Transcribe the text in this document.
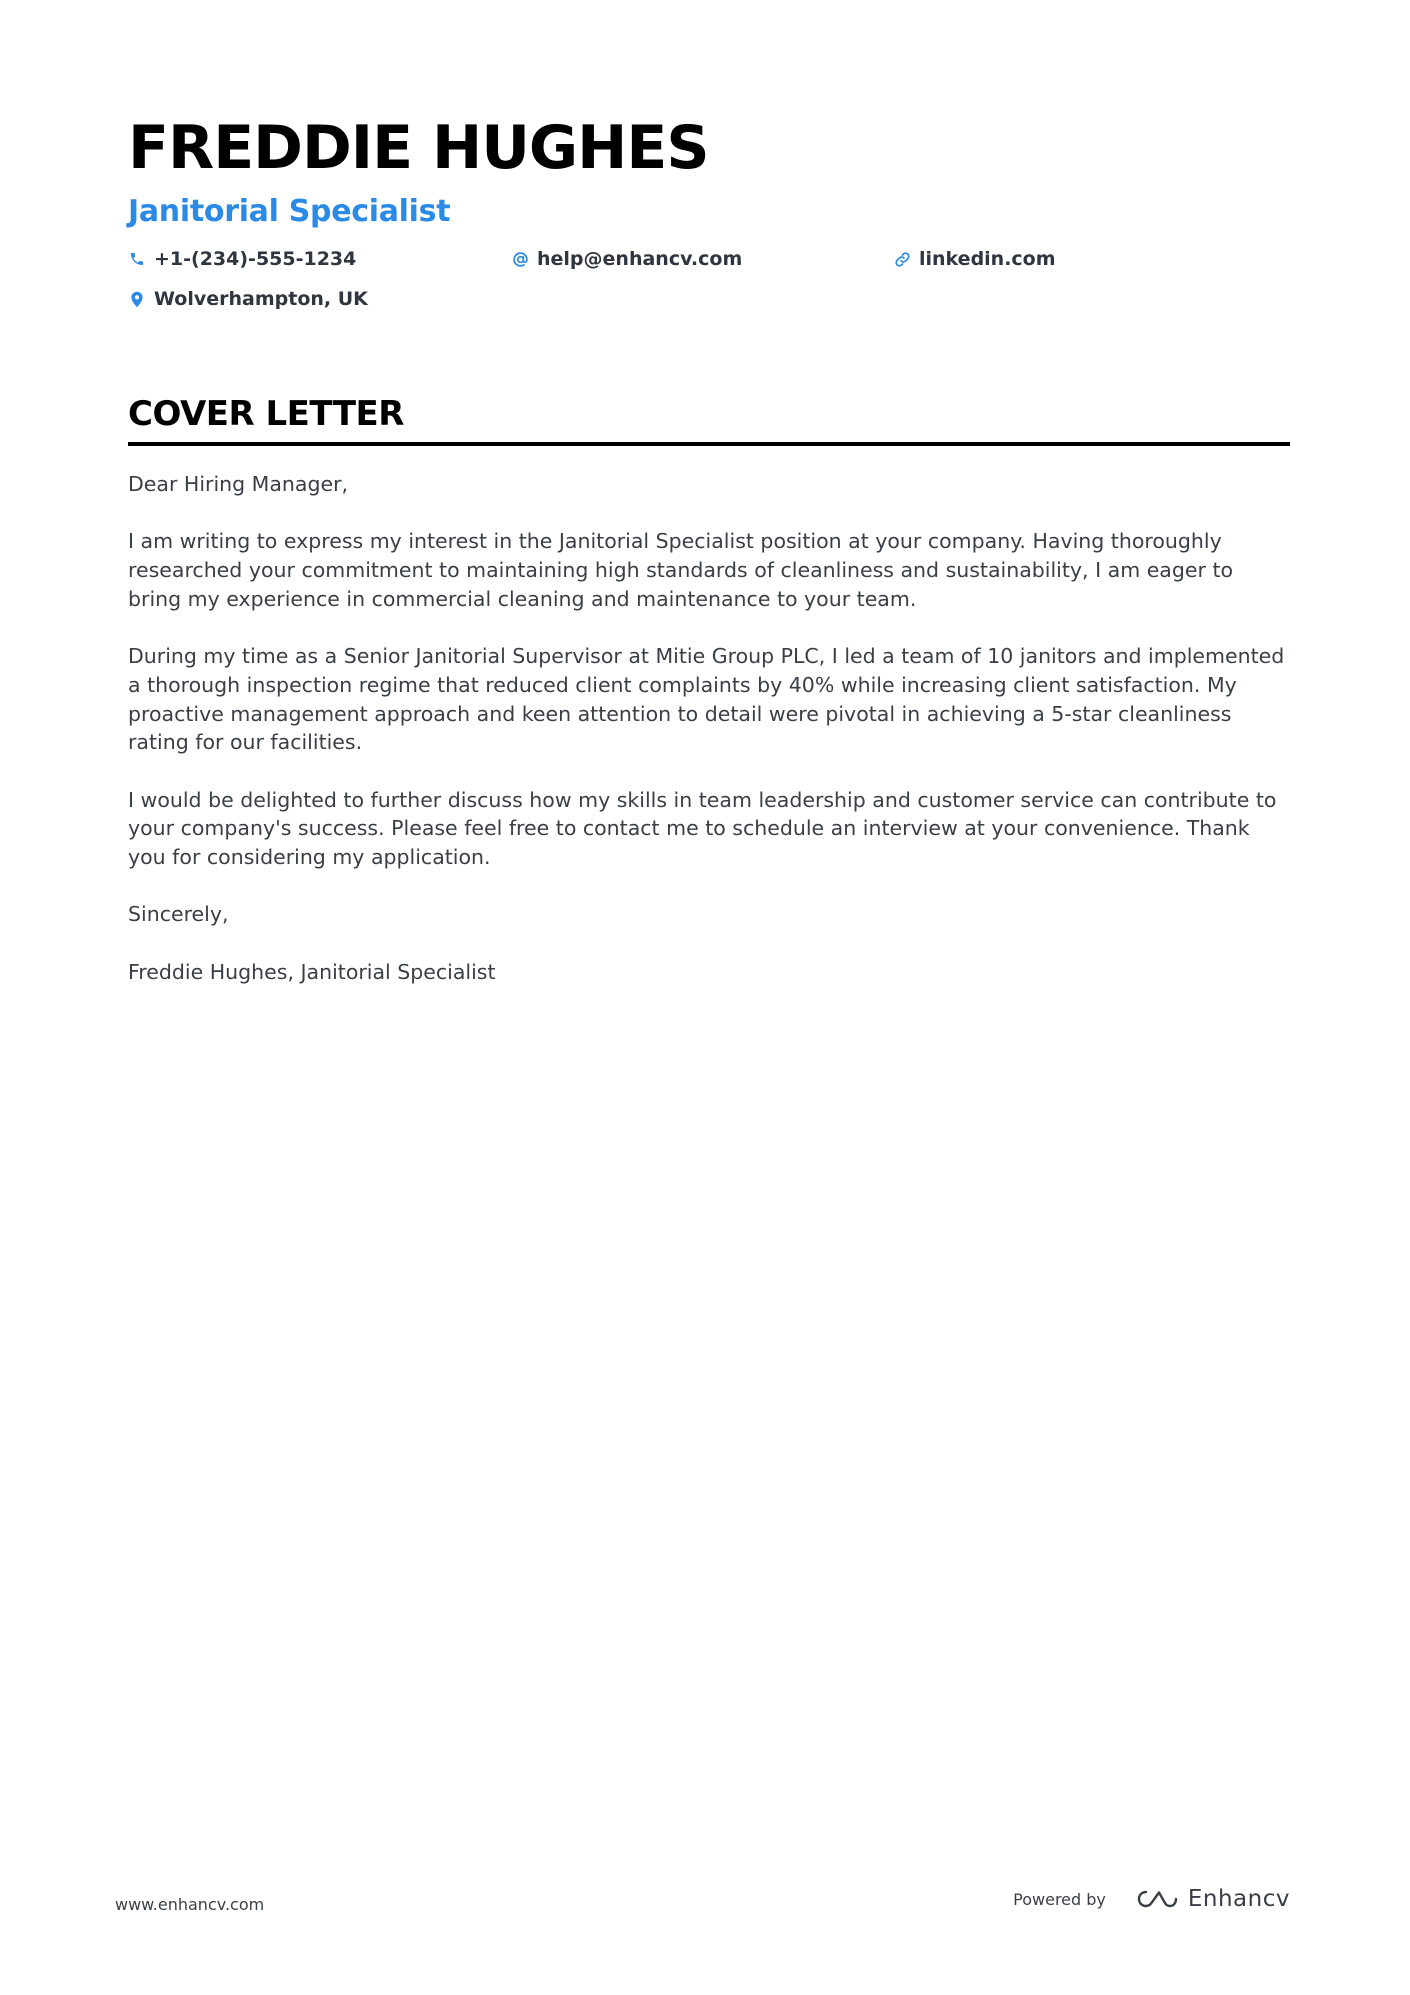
FREDDIE HUGHES
Janitorial Specialist
+1-(234)-555-1234	help@enhancv.com	linkedin.com
Wolverhampton, UK
COVER LETTER

Dear Hiring Manager,

I am writing to express my interest in the Janitorial Specialist position at your company. Having thoroughly researched your commitment to maintaining high standards of cleanliness and sustainability, I am eager to bring my experience in commercial cleaning and maintenance to your team.

During my time as a Senior Janitorial Supervisor at Mitie Group PLC, I led a team of 10 janitors and implemented a thorough inspection regime that reduced client complaints by 40% while increasing client satisfaction. My proactive management approach and keen attention to detail were pivotal in achieving a 5-star cleanliness rating for our facilities.

I would be delighted to further discuss how my skills in team leadership and customer service can contribute to your company's success. Please feel free to contact me to schedule an interview at your convenience. Thank you for considering my application.

Sincerely,

Freddie Hughes, Janitorial Specialist

www.enhancv.com	Powered by	Enhancv
